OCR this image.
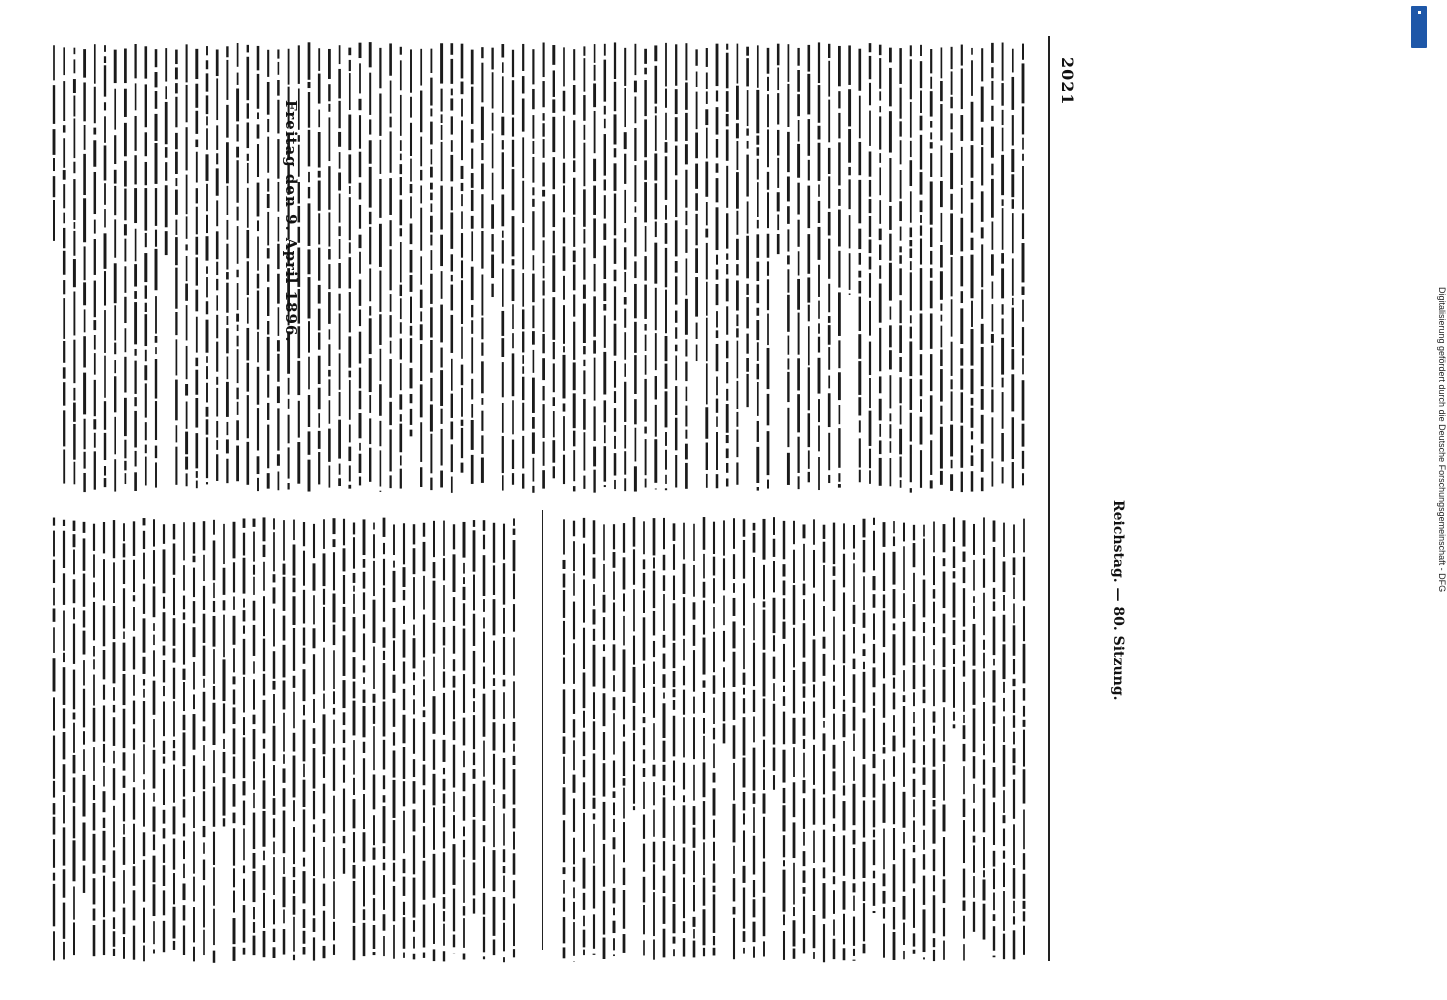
Freitag den 9. April 1896.
2021
Reichstag. — 80. Sitzung.
Digitalisierung gefördert durch die Deutsche Forschungsgemeinschaft - DFG
